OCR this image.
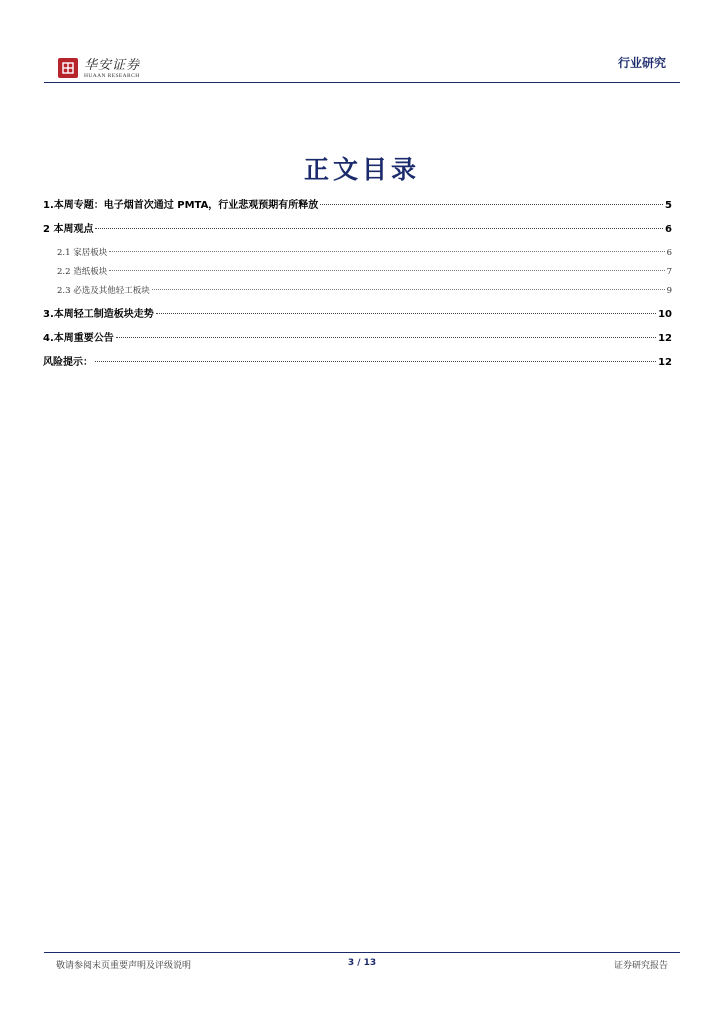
华安证券
HUAAN RESEARCH
行业研究
正文目录
1.本周专题：电子烟首次通过 PMTA，行业悲观预期有所释放	5
2 本周观点	6
2.1 家居板块	6
2.2 造纸板块	7
2.3 必选及其他轻工板块	9
3.本周轻工制造板块走势	10
4.本周重要公告	12
风险提示：	12
敬请参阅末页重要声明及评级说明	3 / 13	证券研究报告
